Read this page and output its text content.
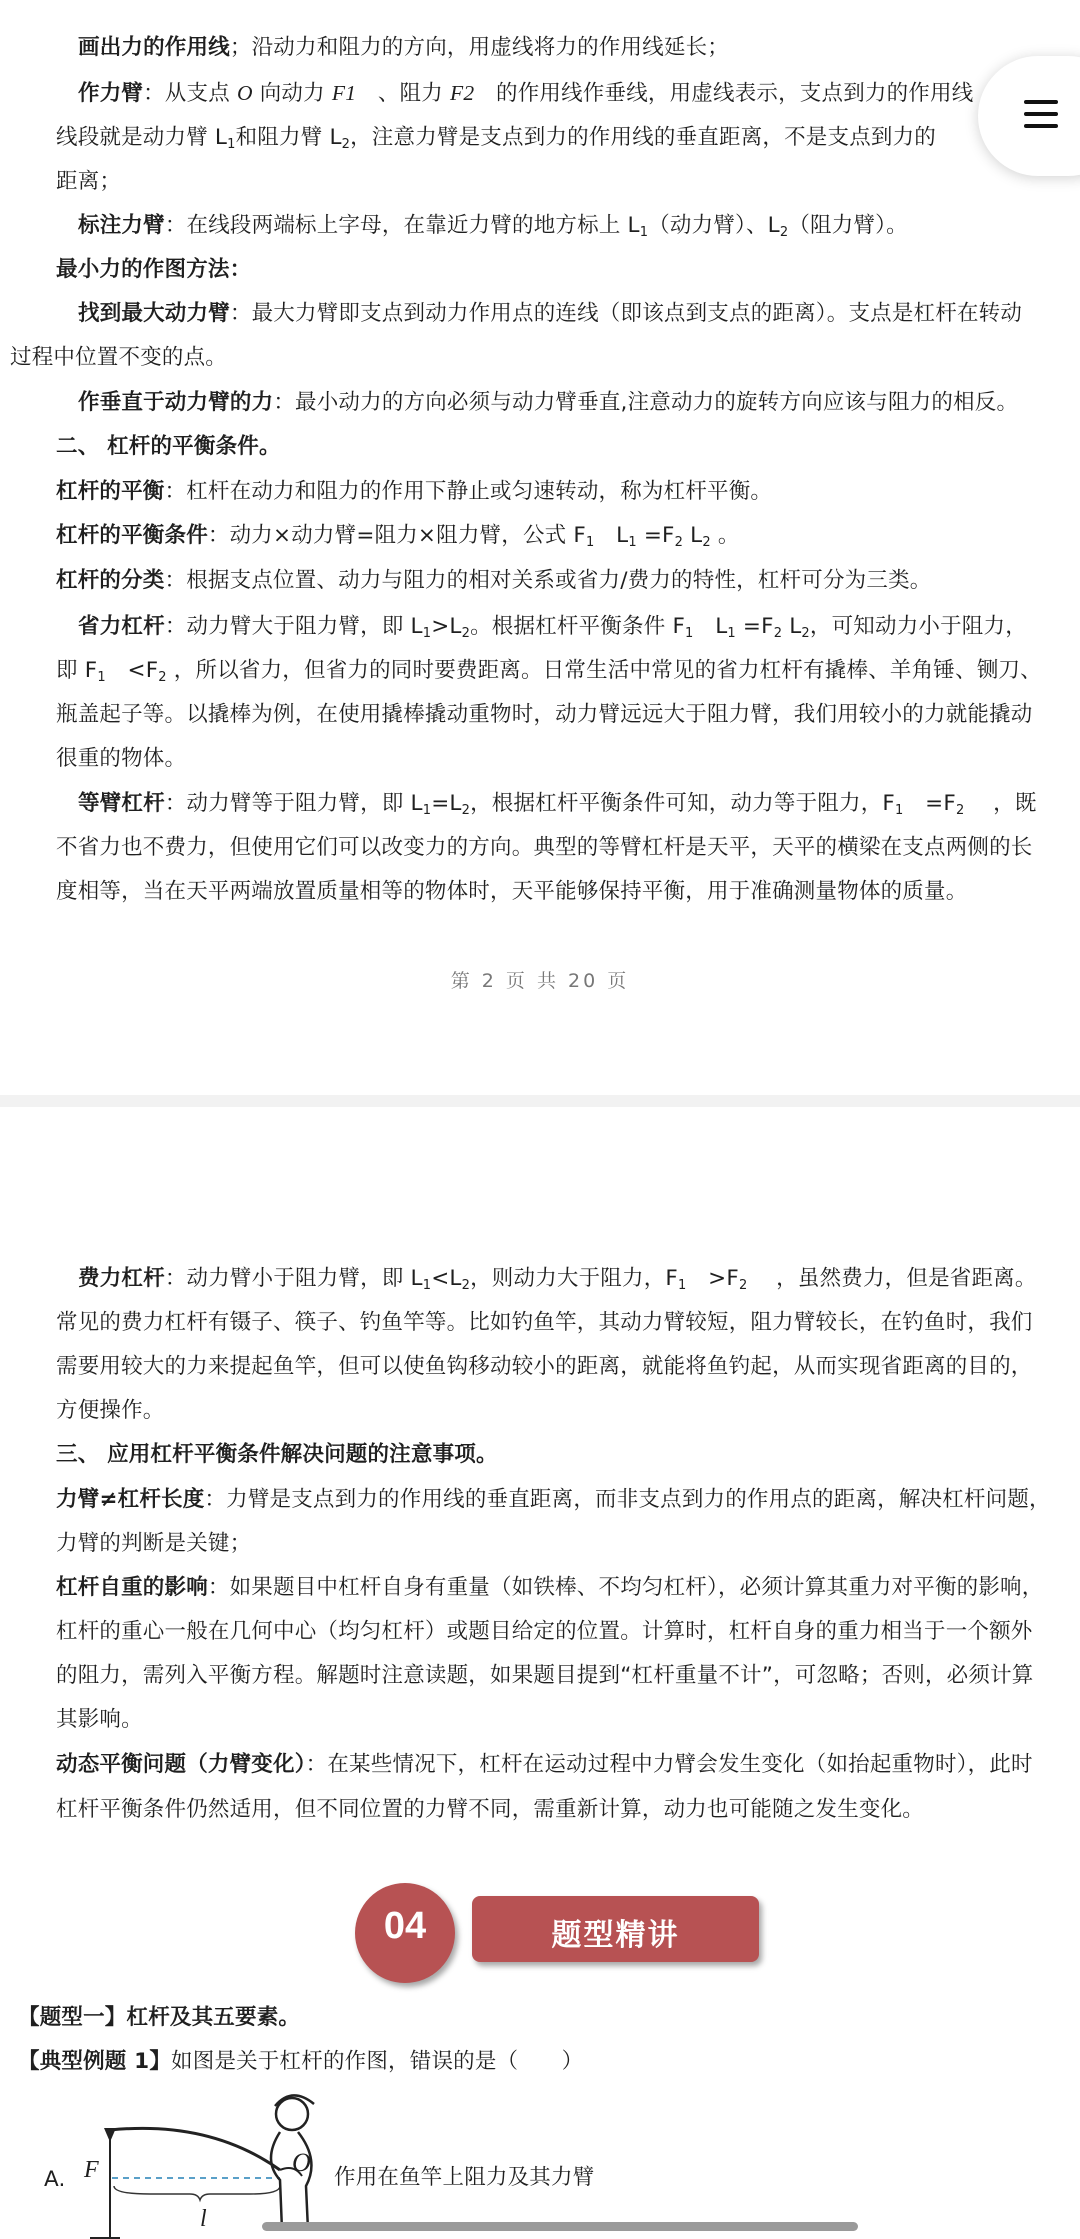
画出力的作用线；沿动力和阻力的方向，用虚线将力的作用线延长；
作力臂：从支点 O 向动力 F1　、阻力 F2　的作用线作垂线，用虚线表示，支点到力的作用线
线段就是动力臂 $L_1$和阻力臂 $L_2$，注意力臂是支点到力的作用线的垂直距离，不是支点到力的
距离；
标注力臂：在线段两端标上字母，在靠近力臂的地方标上 $L_1$（动力臂）、$L_2$（阻力臂）。
最小力的作图方法：
找到最大动力臂：最大力臂即支点到动力作用点的连线（即该点到支点的距离）。支点是杠杆在转动
过程中位置不变的点。
作垂直于动力臂的力：最小动力的方向必须与动力臂垂直,注意动力的旋转方向应该与阻力的相反。
二、 杠杆的平衡条件。
杠杆的平衡：杠杆在动力和阻力的作用下静止或匀速转动，称为杠杆平衡。
杠杆的平衡条件：动力×动力臂=阻力×阻力臂，公式 $F_1$　$L_1 =F_2$ $L_2$ 。
杠杆的分类：根据支点位置、动力与阻力的相对关系或省力/费力的特性，杠杆可分为三类。
省力杠杆：动力臂大于阻力臂，即 $L_1>L_2$。根据杠杆平衡条件 $F_1$　$L_1 =F_2$ $L_2$，可知动力小于阻力，
即 $F_1$　$<F_2$ ，所以省力，但省力的同时要费距离。日常生活中常见的省力杠杆有撬棒、羊角锤、铡刀、
瓶盖起子等。以撬棒为例，在使用撬棒撬动重物时，动力臂远远大于阻力臂，我们用较小的力就能撬动
很重的物体。
等臂杠杆：动力臂等于阻力臂，即 $L_1=L_2$，根据杠杆平衡条件可知，动力等于阻力，$F_1$　$=F_2$　 ，既
不省力也不费力，但使用它们可以改变力的方向。典型的等臂杠杆是天平，天平的横梁在支点两侧的长
度相等，当在天平两端放置质量相等的物体时，天平能够保持平衡，用于准确测量物体的质量。
第 2 页 共 20 页
费力杠杆：动力臂小于阻力臂，即 $L_1<L_2$，则动力大于阻力，$F_1$　$>F_2$　 ，虽然费力，但是省距离。
常见的费力杠杆有镊子、筷子、钓鱼竿等。比如钓鱼竿，其动力臂较短，阻力臂较长，在钓鱼时，我们
需要用较大的力来提起鱼竿，但可以使鱼钩移动较小的距离，就能将鱼钓起，从而实现省距离的目的，
方便操作。
三、 应用杠杆平衡条件解决问题的注意事项。
力臂≠杠杆长度：力臂是支点到力的作用线的垂直距离，而非支点到力的作用点的距离，解决杠杆问题，
力臂的判断是关键；
杠杆自重的影响：如果题目中杠杆自身有重量（如铁棒、不均匀杠杆），必须计算其重力对平衡的影响，
杠杆的重心一般在几何中心（均匀杠杆）或题目给定的位置。计算时，杠杆自身的重力相当于一个额外
的阻力，需列入平衡方程。解题时注意读题，如果题目提到“杠杆重量不计”，可忽略；否则，必须计算
其影响。
动态平衡问题（力臂变化）：在某些情况下，杠杆在运动过程中力臂会发生变化（如抬起重物时），此时
杠杆平衡条件仍然适用，但不同位置的力臂不同，需重新计算，动力也可能随之发生变化。
04	题型精讲
【题型一】杠杆及其五要素。
【典型例题 1】如图是关于杠杆的作图，错误的是（　　）
A. F	O
l
作用在鱼竿上阻力及其力臂
